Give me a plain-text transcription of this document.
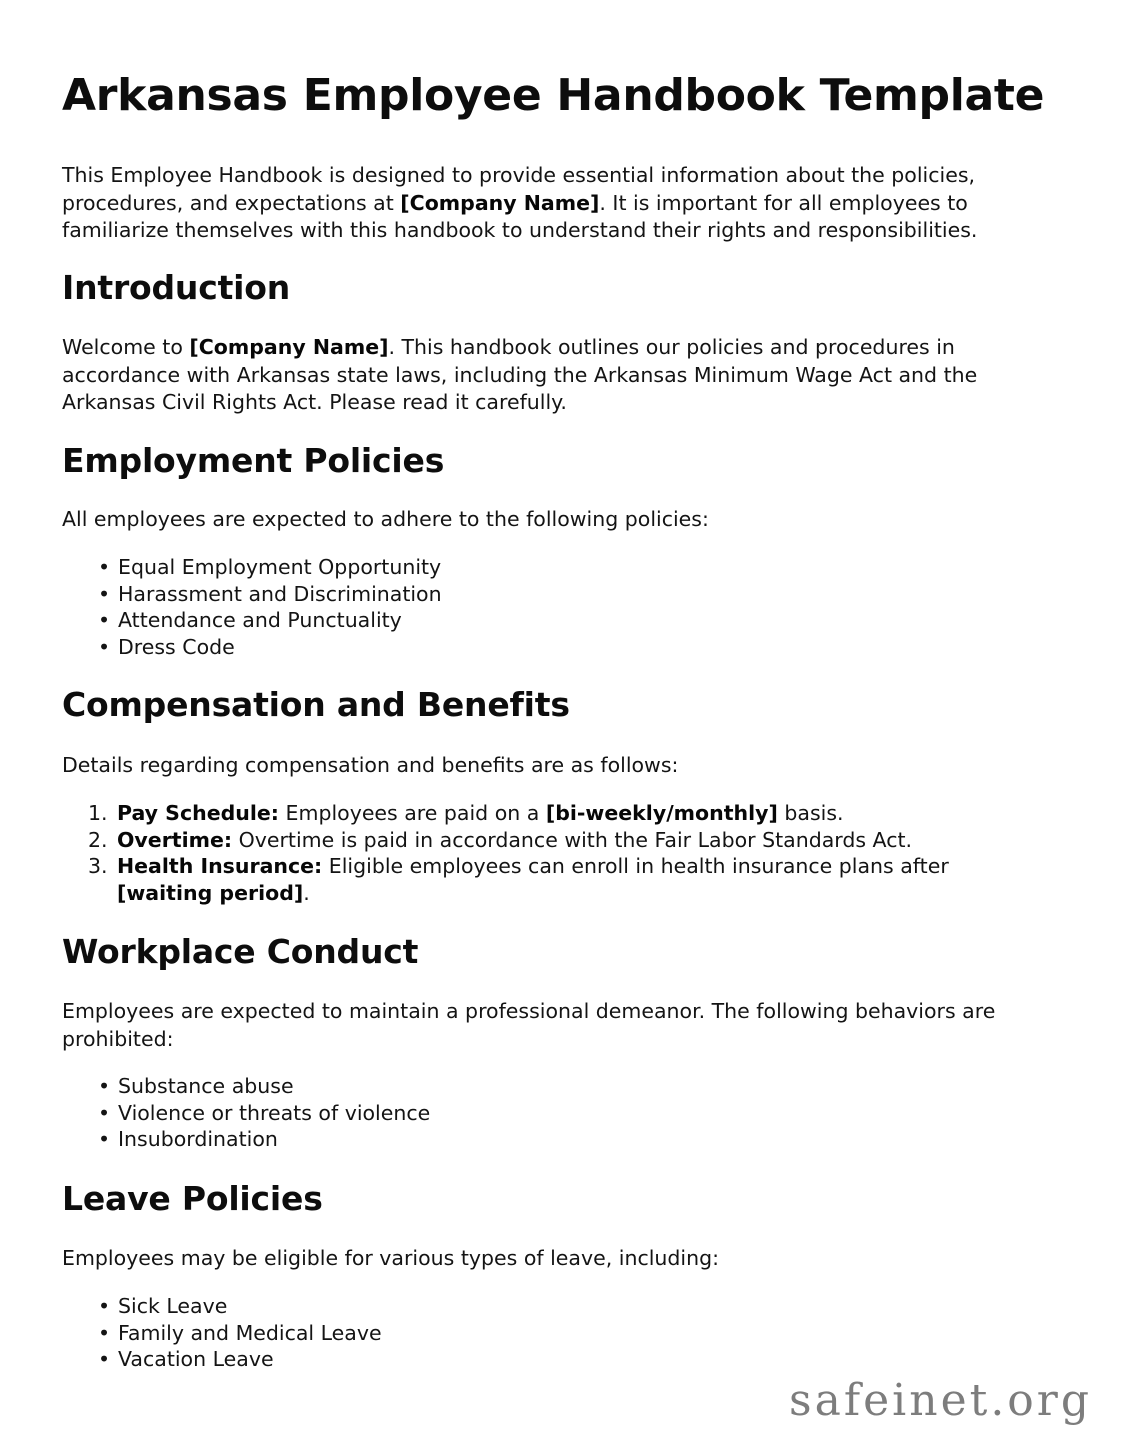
Arkansas Employee Handbook Template

This Employee Handbook is designed to provide essential information about the policies, procedures, and expectations at [Company Name]. It is important for all employees to familiarize themselves with this handbook to understand their rights and responsibilities.

Introduction

Welcome to [Company Name]. This handbook outlines our policies and procedures in accordance with Arkansas state laws, including the Arkansas Minimum Wage Act and the Arkansas Civil Rights Act. Please read it carefully.

Employment Policies

All employees are expected to adhere to the following policies:

• Equal Employment Opportunity
• Harassment and Discrimination
• Attendance and Punctuality
• Dress Code
Compensation and Benefits

Details regarding compensation and benefits are as follows:

1. Pay Schedule: Employees are paid on a [bi-weekly/monthly] basis.
2. Overtime: Overtime is paid in accordance with the Fair Labor Standards Act.
3. Health Insurance: Eligible employees can enroll in health insurance plans after [waiting period].
Workplace Conduct

Employees are expected to maintain a professional demeanor. The following behaviors are prohibited:

• Substance abuse
• Violence or threats of violence
• Insubordination
Leave Policies

Employees may be eligible for various types of leave, including:

• Sick Leave
• Family and Medical Leave
• Vacation Leave
safeinet.org
